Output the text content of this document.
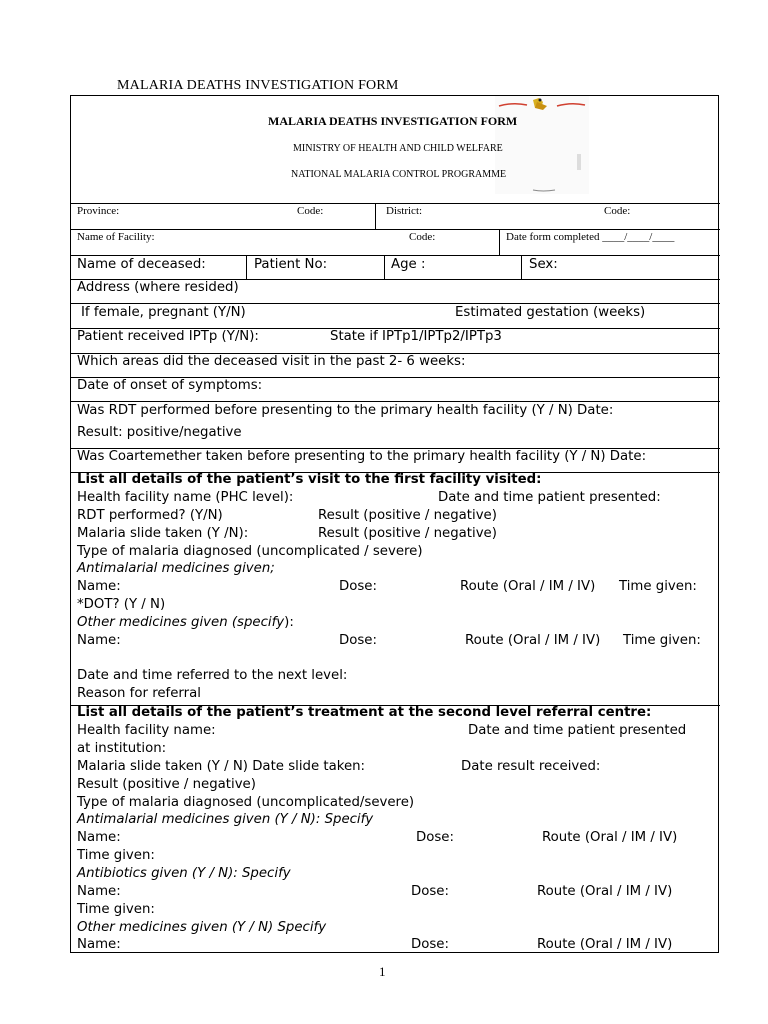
MALARIA DEATHS INVESTIGATION FORM
MALARIA DEATHS INVESTIGATION FORM
MINISTRY OF HEALTH AND CHILD WELFARE
NATIONAL MALARIA CONTROL PROGRAMME
Province:	Code:	District:	Code:
Name of Facility:	Code:	Date form completed ____/____/____
Name of deceased:	Patient No:	Age :	Sex:
Address (where resided)
If female, pregnant (Y/N)	Estimated gestation (weeks)
Patient received IPTp (Y/N):	State if IPTp1/IPTp2/IPTp3
Which areas did the deceased visit in the past 2- 6 weeks:
Date of onset of symptoms:
Was RDT performed before presenting to the primary health facility (Y / N) Date:
Result: positive/negative
Was Coartemether taken before presenting to the primary health facility (Y / N) Date:
List all details of the patient’s visit to the first facility visited:
Health facility name (PHC level):	Date and time patient presented:
RDT performed? (Y/N)	Result (positive / negative)
Malaria slide taken (Y /N):	Result (positive / negative)
Type of malaria diagnosed (uncomplicated / severe)
Antimalarial medicines given;
Name:	Dose:	Route (Oral / IM / IV) Time given:
*DOT? (Y / N)
Other medicines given (specify):
Name:	Dose:	Route (Oral / IM / IV) Time given:
Date and time referred to the next level:
Reason for referral
List all details of the patient’s treatment at the second level referral centre:
Health facility name:	Date and time patient presented
at institution:
Malaria slide taken (Y / N) Date slide taken:	Date result received:
Result (positive / negative)
Type of malaria diagnosed (uncomplicated/severe)
Antimalarial medicines given (Y / N): Specify
Name:	Dose:	Route (Oral / IM / IV)
Time given:
Antibiotics given (Y / N): Specify
Name:	Dose:	Route (Oral / IM / IV)
Time given:
Other medicines given (Y / N) Specify
Name:	Dose:	Route (Oral / IM / IV)
1
